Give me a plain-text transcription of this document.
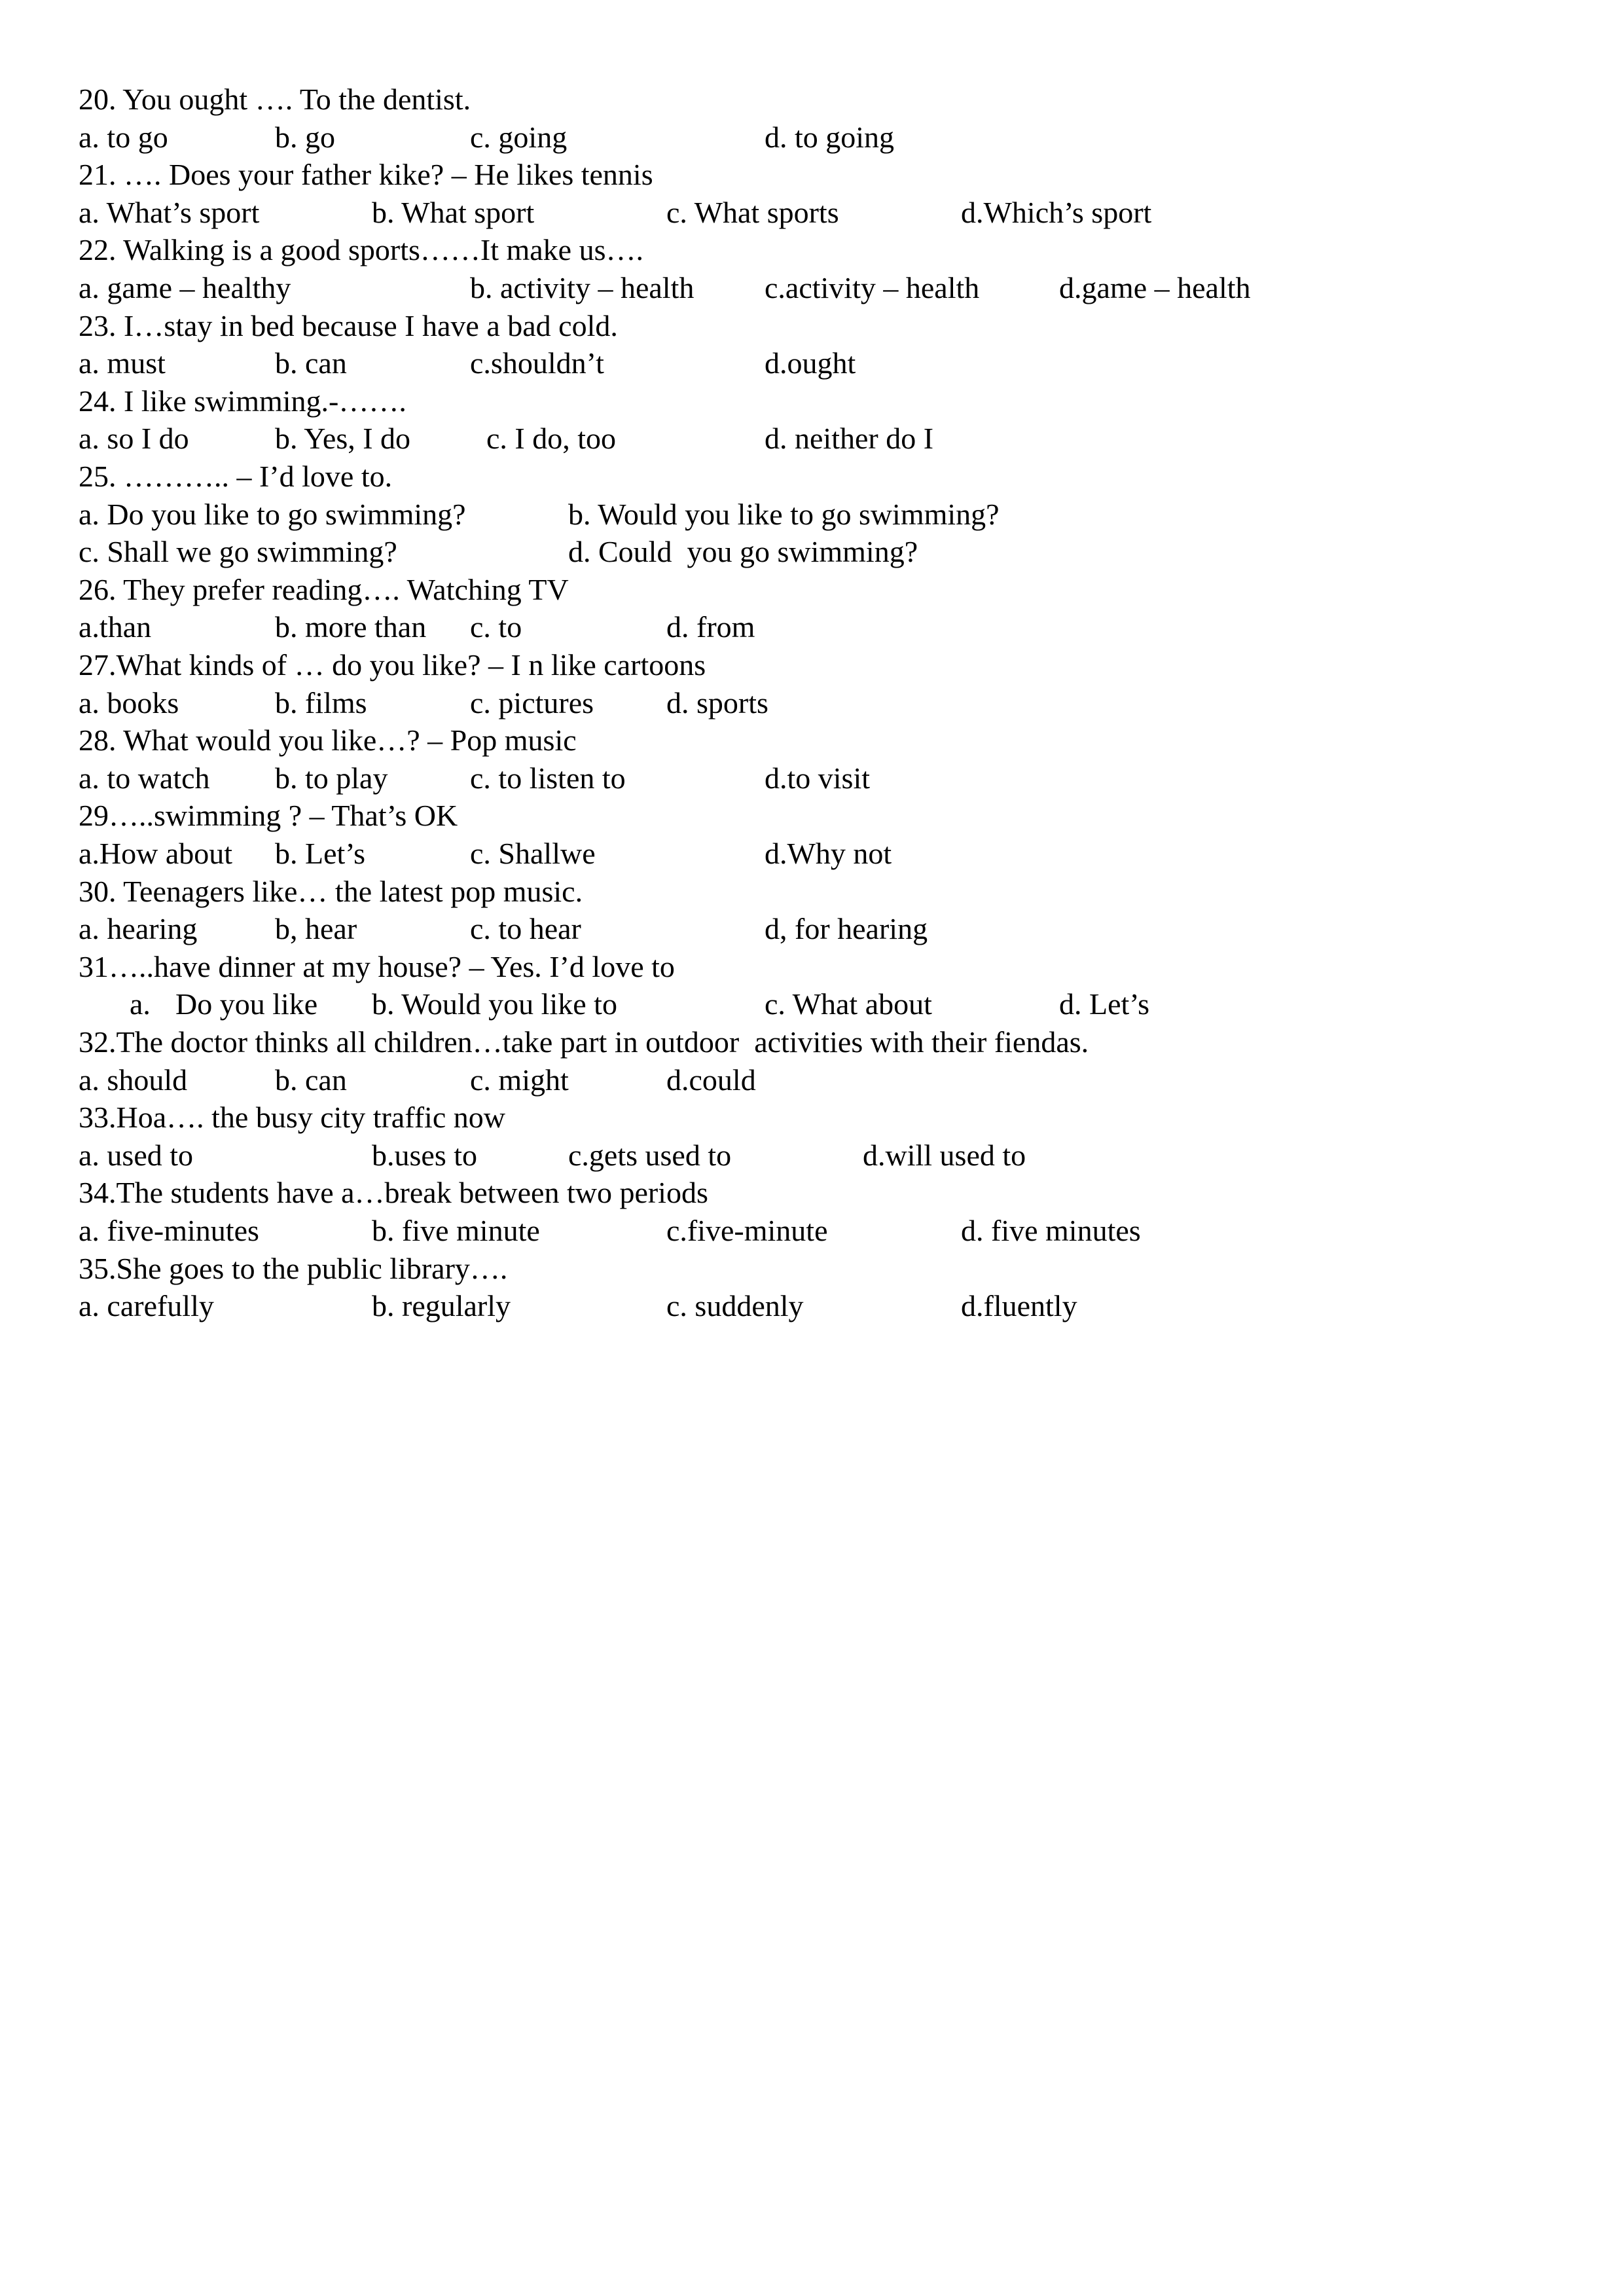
20. You ought …. To the dentist.
a. to go	b. go	c. going	d. to going
21. …. Does your father kike? – He likes tennis
a. What’s sport	b. What sport	c. What sports	d.Which’s sport
22. Walking is a good sports……It make us….
a. game – healthy	b. activity – health c.activity – health	d.game – health
23. I…stay in bed because I have a bad cold.
a. must	b. can	c.shouldn’t	d.ought
24. I like swimming.-…….
a. so I do	b. Yes, I do	c. I do, too	d. neither do I
25. ……….. – I’d love to.
a. Do you like to go swimming?	b. Would you like to go swimming?
c. Shall we go swimming?	d. Could  you go swimming?
26. They prefer reading…. Watching TV
a.than	b. more than c. to	d. from
27.What kinds of … do you like? – I n like cartoons
a. books	b. films	c. pictures d. sports
28. What would you like…? – Pop music
a. to watch b. to play	c. to listen to	d.to visit
29…..swimming ? – That’s OK
a.How about b. Let’s	c. Shallwe	d.Why not
30. Teenagers like… the latest pop music.
a. hearing	b, hear	c. to hear	d, for hearing
31…..have dinner at my house? – Yes. I’d love to
a. Do you like b. Would you like to	c. What about	d. Let’s
32.The doctor thinks all children…take part in outdoor  activities with their fiendas.
a. should	b. can	c. might	d.could
33.Hoa…. the busy city traffic now
a. used to	b.uses to	c.gets used to	d.will used to
34.The students have a…break between two periods
a. five-minutes	b. five minute	c.five-minute	d. five minutes
35.She goes to the public library….
a. carefully	b. regularly	c. suddenly	d.fluently
